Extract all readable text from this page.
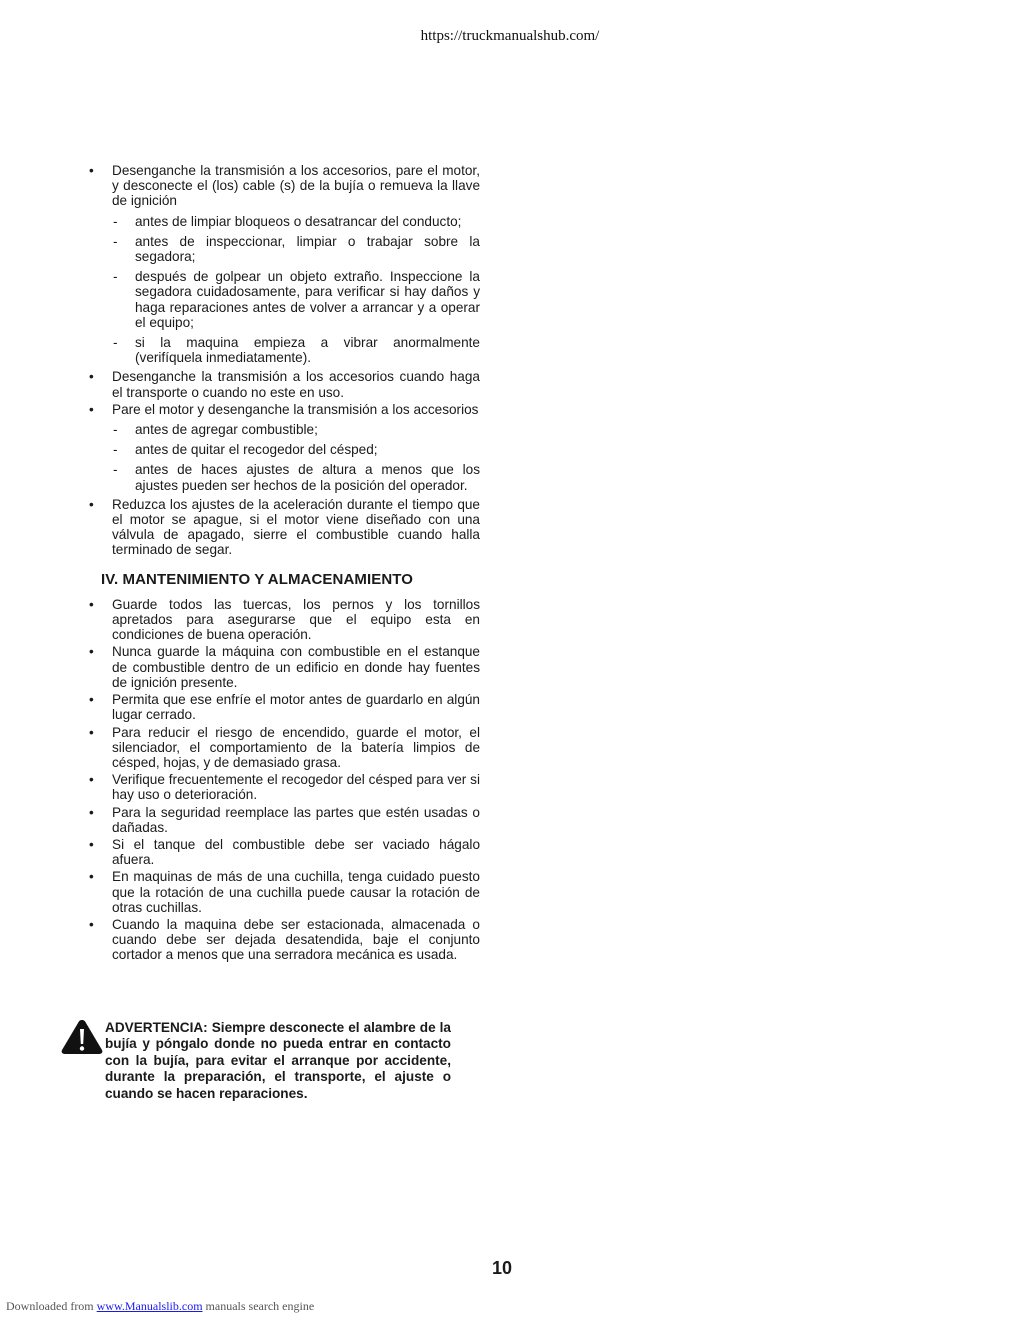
https://truckmanualshub.com/
• Desenganche la transmisión a los accesorios, pare el motor, y desconecte el (los) cable (s) de la bujía o remueva la llave de ignición
- antes de limpiar bloqueos o desatrancar del conducto;
- antes de inspeccionar, limpiar o trabajar sobre la segadora;
- después de golpear un objeto extraño. Inspeccione la segadora cuidadosamente, para verificar si hay daños y haga reparaciones antes de volver a arrancar y a operar el equipo;
- si la maquina empieza a vibrar anormalmente (verifíquela inmediatamente).
• Desenganche la transmisión a los accesorios cuando haga el transporte o cuando no este en uso.
• Pare el motor y desenganche la transmisión a los accesorios
- antes de agregar combustible;
- antes de quitar el recogedor del césped;
- antes de haces ajustes de altura a menos que los ajustes pueden ser hechos de la posición del operador.
• Reduzca los ajustes de la aceleración durante el tiempo que el motor se apague, si el motor viene diseñado con una válvula de apagado, sierre el combustible cuando halla terminado de segar.
IV. MANTENIMIENTO Y ALMACENAMIENTO
• Guarde todos las tuercas, los pernos y los tornillos apretados para asegurarse que el equipo esta en condiciones de buena operación.
• Nunca guarde la máquina con combustible en el estanque de combustible dentro de un edificio en donde hay fuentes de ignición presente.
• Permita que ese enfríe el motor antes de guardarlo en algún lugar cerrado.
• Para reducir el riesgo de encendido, guarde el motor, el silenciador, el comportamiento de la batería limpios de césped, hojas, y de demasiado grasa.
• Verifique frecuentemente el recogedor del césped para ver si hay uso o deterioración.
• Para la seguridad reemplace las partes que estén usadas o dañadas.
• Si el tanque del combustible debe ser vaciado hágalo afuera.
• En maquinas de más de una cuchilla, tenga cuidado puesto que la rotación de una cuchilla puede causar la rotación de otras cuchillas.
• Cuando la maquina debe ser estacionada, almacenada o cuando debe ser dejada desatendida, baje el conjunto cortador a menos que una serradora mecánica es usada.
ADVERTENCIA: Siempre desconecte el alambre de la bujía y póngalo donde no pueda entrar en contacto con la bujía, para evitar el arranque por accidente, durante la preparación, el transporte, el ajuste o cuando se hacen reparaciones.
10
Downloaded from www.Manualslib.com manuals search engine
